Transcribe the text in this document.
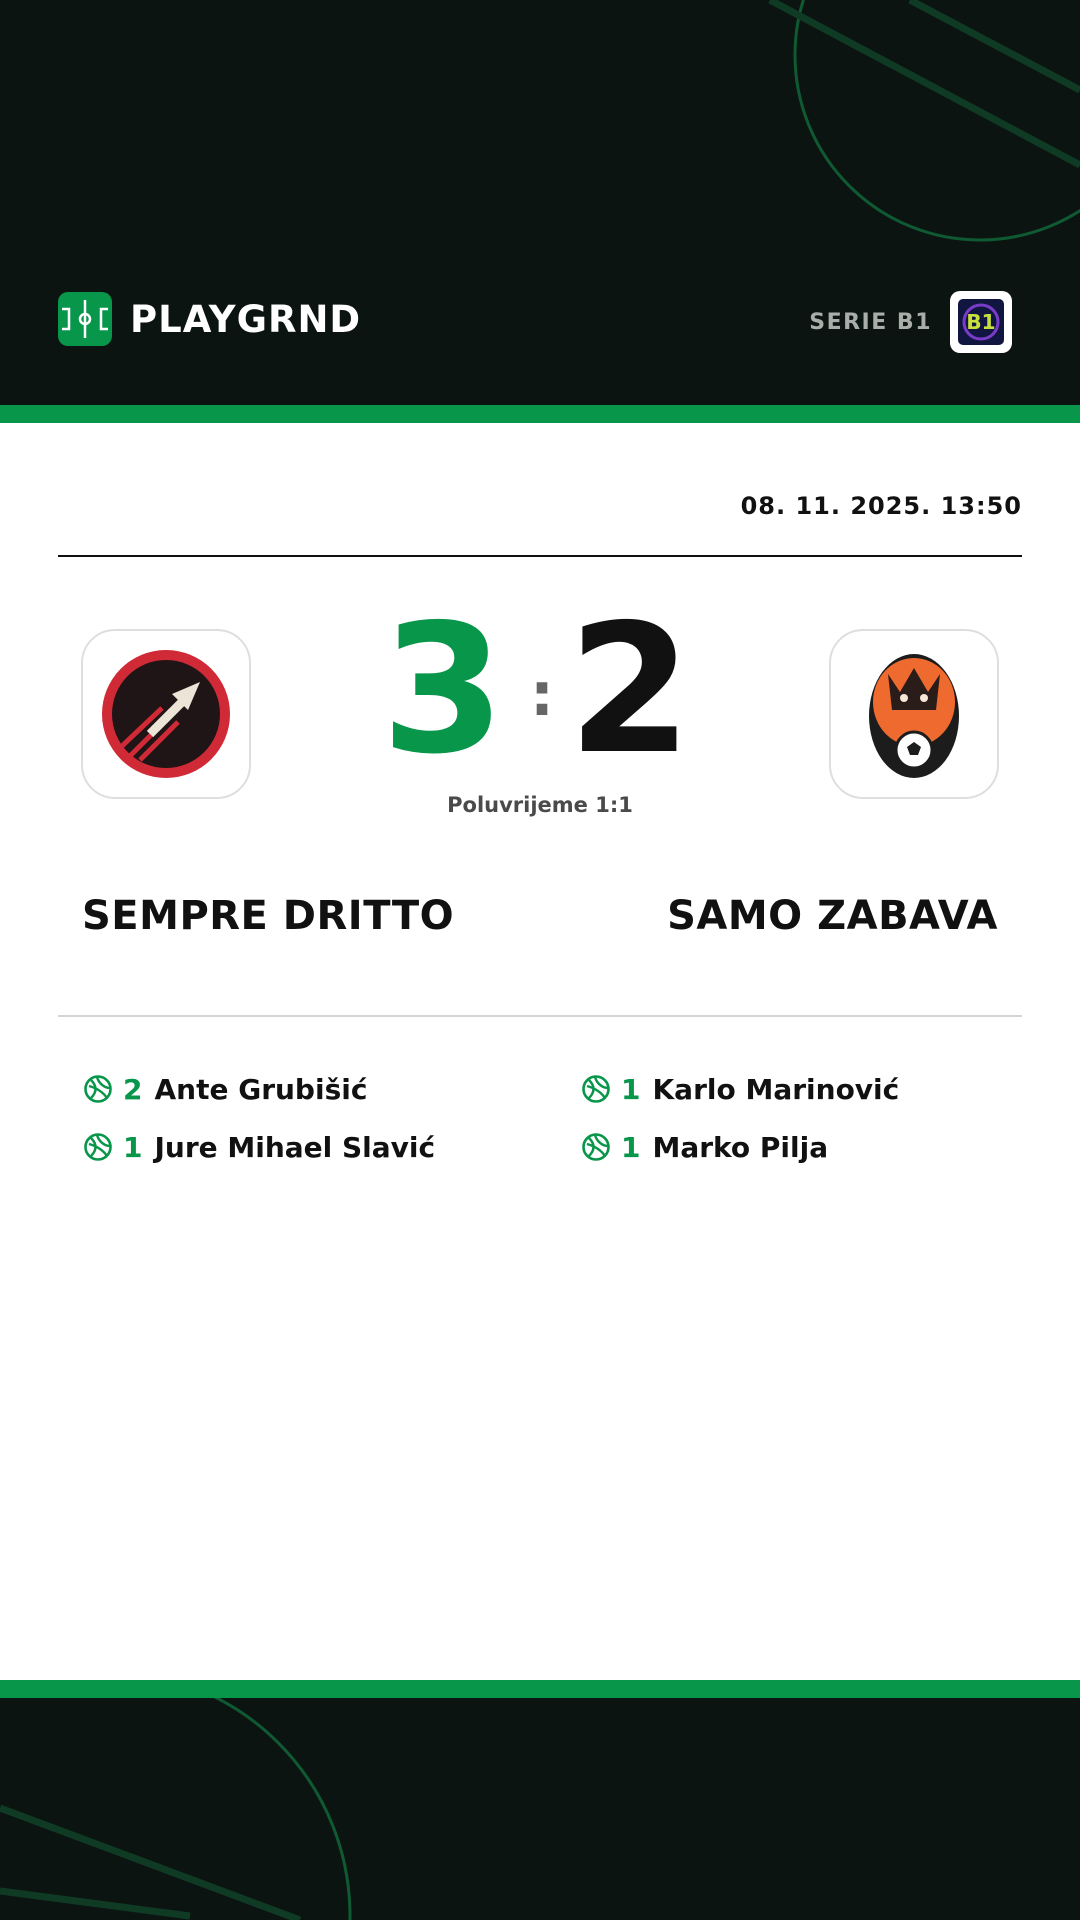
PLAYGRND	SERIE B1 B1
08. 11. 2025. 13:50
3 : 2
Poluvrijeme 1:1
SEMPRE DRITTO	SAMO ZABAVA
2 Ante Grubišić
1 Jure Mihael Slavić
1 Karlo Marinović
1 Marko Pilja
